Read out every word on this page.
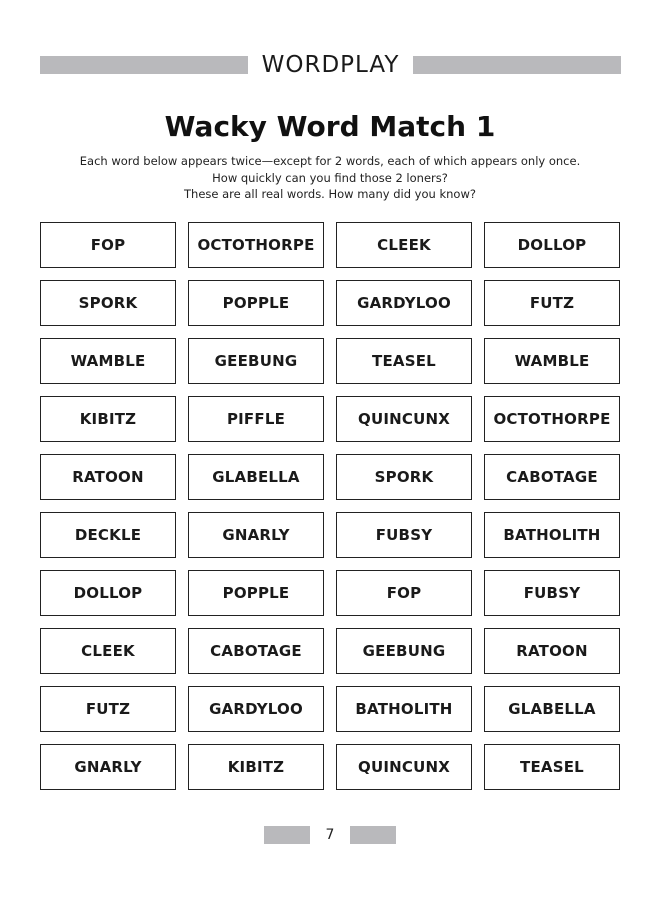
WORDPLAY
Wacky Word Match 1
Each word below appears twice—except for 2 words, each of which appears only once.
How quickly can you find those 2 loners?
These are all real words. How many did you know?
FOP	OCTOTHORPE	CLEEK	DOLLOP
SPORK	POPPLE	GARDYLOO	FUTZ
WAMBLE	GEEBUNG	TEASEL	WAMBLE
KIBITZ	PIFFLE	QUINCUNX	OCTOTHORPE
RATOON	GLABELLA	SPORK	CABOTAGE
DECKLE	GNARLY	FUBSY	BATHOLITH
DOLLOP	POPPLE	FOP	FUBSY
CLEEK	CABOTAGE	GEEBUNG	RATOON
FUTZ	GARDYLOO	BATHOLITH	GLABELLA
GNARLY	KIBITZ	QUINCUNX	TEASEL
7
